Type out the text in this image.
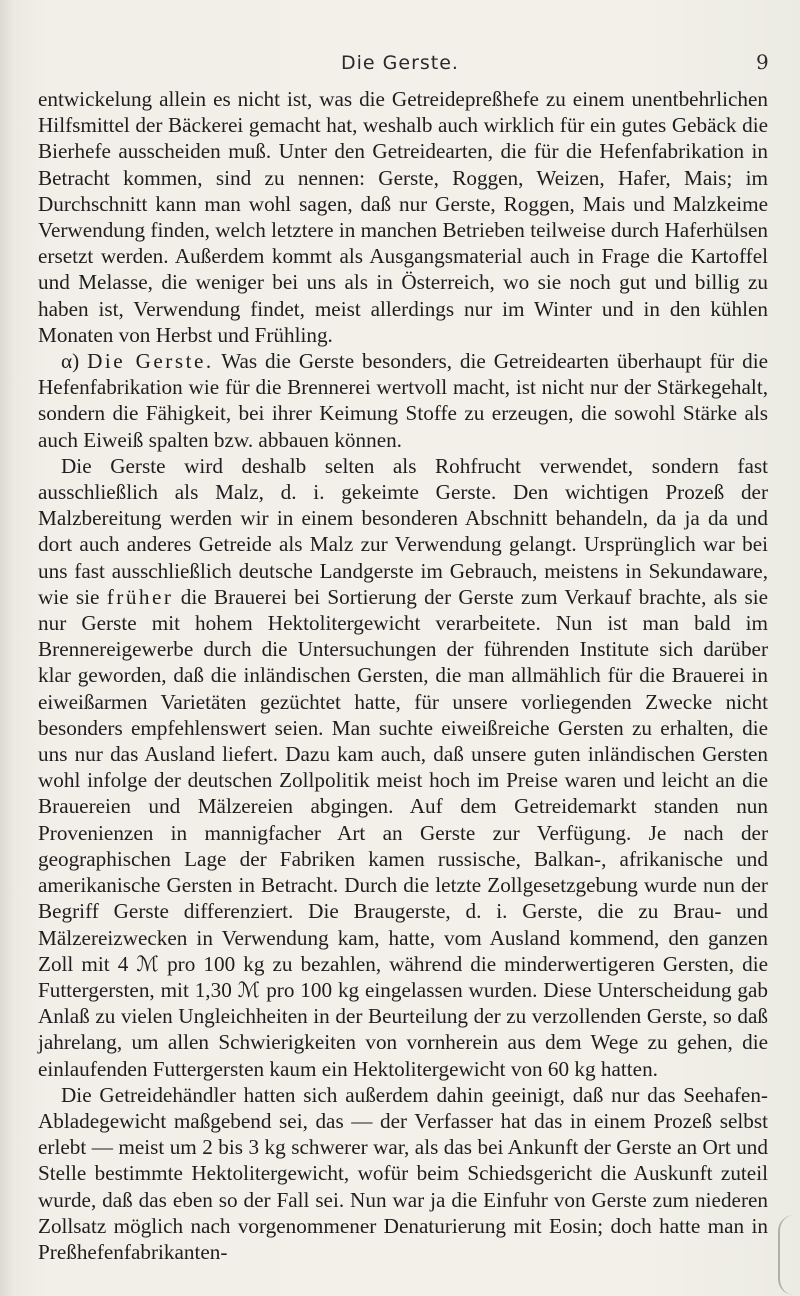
Die Gerste.	9

entwickelung allein es nicht ist, was die Getreidepreßhefe zu einem unentbehrlichen Hilfsmittel der Bäckerei gemacht hat, weshalb auch wirklich für ein gutes Gebäck die Bierhefe ausscheiden muß. Unter den Getreidearten, die für die Hefenfabrikation in Betracht kommen, sind zu nennen: Gerste, Roggen, Weizen, Hafer, Mais; im Durchschnitt kann man wohl sagen, daß nur Gerste, Roggen, Mais und Malzkeime Verwendung finden, welch letztere in manchen Betrieben teilweise durch Haferhülsen ersetzt werden. Außerdem kommt als Ausgangsmaterial auch in Frage die Kartoffel und Melasse, die weniger bei uns als in Österreich, wo sie noch gut und billig zu haben ist, Verwendung findet, meist allerdings nur im Winter und in den kühlen Monaten von Herbst und Frühling.

α) Die Gerste. Was die Gerste besonders, die Getreidearten überhaupt für die Hefenfabrikation wie für die Brennerei wertvoll macht, ist nicht nur der Stärkegehalt, sondern die Fähigkeit, bei ihrer Keimung Stoffe zu erzeugen, die sowohl Stärke als auch Eiweiß spalten bzw. abbauen können.

Die Gerste wird deshalb selten als Rohfrucht verwendet, sondern fast ausschließlich als Malz, d. i. gekeimte Gerste. Den wichtigen Prozeß der Malzbereitung werden wir in einem besonderen Abschnitt behandeln, da ja da und dort auch anderes Getreide als Malz zur Verwendung gelangt. Ursprünglich war bei uns fast ausschließlich deutsche Landgerste im Gebrauch, meistens in Sekundaware, wie sie früher die Brauerei bei Sortierung der Gerste zum Verkauf brachte, als sie nur Gerste mit hohem Hektolitergewicht verarbeitete. Nun ist man bald im Brennereigewerbe durch die Untersuchungen der führenden Institute sich darüber klar geworden, daß die inländischen Gersten, die man allmählich für die Brauerei in eiweißarmen Varietäten gezüchtet hatte, für unsere vorliegenden Zwecke nicht besonders empfehlenswert seien. Man suchte eiweißreiche Gersten zu erhalten, die uns nur das Ausland liefert. Dazu kam auch, daß unsere guten inländischen Gersten wohl infolge der deutschen Zollpolitik meist hoch im Preise waren und leicht an die Brauereien und Mälzereien abgingen. Auf dem Getreidemarkt standen nun Provenienzen in mannigfacher Art an Gerste zur Verfügung. Je nach der geographischen Lage der Fabriken kamen russische, Balkan-, afrikanische und amerikanische Gersten in Betracht. Durch die letzte Zollgesetzgebung wurde nun der Begriff Gerste differenziert. Die Braugerste, d. i. Gerste, die zu Brau- und Mälzereizwecken in Verwendung kam, hatte, vom Ausland kommend, den ganzen Zoll mit 4 ℳ pro 100 kg zu bezahlen, während die minderwertigeren Gersten, die Futtergersten, mit 1,30 ℳ pro 100 kg eingelassen wurden. Diese Unterscheidung gab Anlaß zu vielen Ungleichheiten in der Beurteilung der zu verzollenden Gerste, so daß jahrelang, um allen Schwierigkeiten von vornherein aus dem Wege zu gehen, die einlaufenden Futtergersten kaum ein Hektolitergewicht von 60 kg hatten.

Die Getreidehändler hatten sich außerdem dahin geeinigt, daß nur das Seehafen-Abladegewicht maßgebend sei, das — der Verfasser hat das in einem Prozeß selbst erlebt — meist um 2 bis 3 kg schwerer war, als das bei Ankunft der Gerste an Ort und Stelle bestimmte Hektolitergewicht, wofür beim Schiedsgericht die Auskunft zuteil wurde, daß das eben so der Fall sei. Nun war ja die Einfuhr von Gerste zum niederen Zollsatz möglich nach vorgenommener Denaturierung mit Eosin; doch hatte man in Preßhefenfabrikanten-
